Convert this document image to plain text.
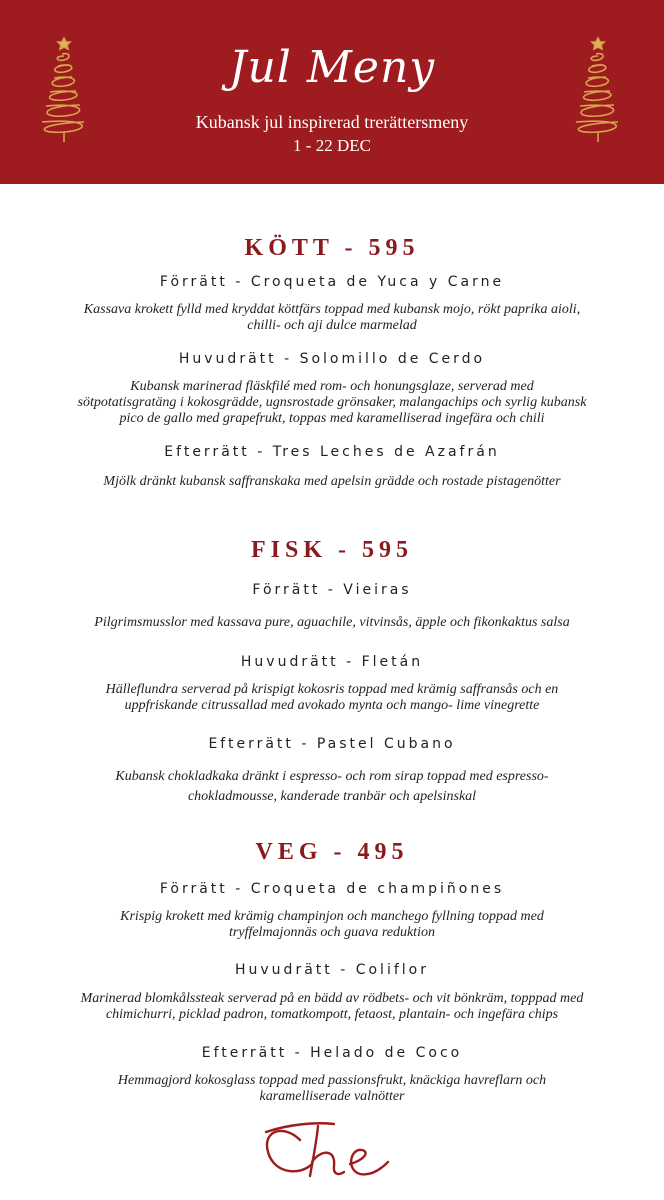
Jul Meny
Kubansk jul inspirerad trerättersmeny
1 - 22 DEC
KÖTT - 595

Förrätt - Croqueta de Yuca y Carne

Kassava krokett fylld med kryddat köttfärs toppad med kubansk mojo, rökt paprika aioli,

chilli- och aji dulce marmelad

Huvudrätt - Solomillo de Cerdo

Kubansk marinerad fläskfilé med rom- och honungsglaze, serverad med

sötpotatisgratäng i kokosgrädde, ugnsrostade grönsaker, malangachips och syrlig kubansk

pico de gallo med grapefrukt, toppas med karamelliserad ingefära och chili

Efterrätt - Tres Leches de Azafrán

Mjölk dränkt kubansk saffranskaka med apelsin grädde och rostade pistagenötter

FISK - 595

Förrätt - Vieiras

Pilgrimsmusslor med kassava pure, aguachile, vitvinsås, äpple och fikonkaktus salsa

Huvudrätt - Fletán

Hälleflundra serverad på krispigt kokosris toppad med krämig saffransås och en

uppfriskande citrussallad med avokado mynta och mango- lime vinegrette

Efterrätt - Pastel Cubano

Kubansk chokladkaka dränkt i espresso- och rom sirap toppad med espresso-

chokladmousse, kanderade tranbär och apelsinskal

VEG - 495

Förrätt - Croqueta de champiñones

Krispig krokett med krämig champinjon och manchego fyllning toppad med

tryffelmajonnäs och guava reduktion

Huvudrätt - Coliflor

Marinerad blomkålssteak serverad på en bädd av rödbets- och vit bönkräm, topppad med

chimichurri, picklad padron, tomatkompott, fetaost, plantain- och ingefära chips

Efterrätt - Helado de Coco

Hemmagjord kokosglass toppad med passionsfrukt, knäckiga havreflarn och

karamelliserade valnötter

Che
